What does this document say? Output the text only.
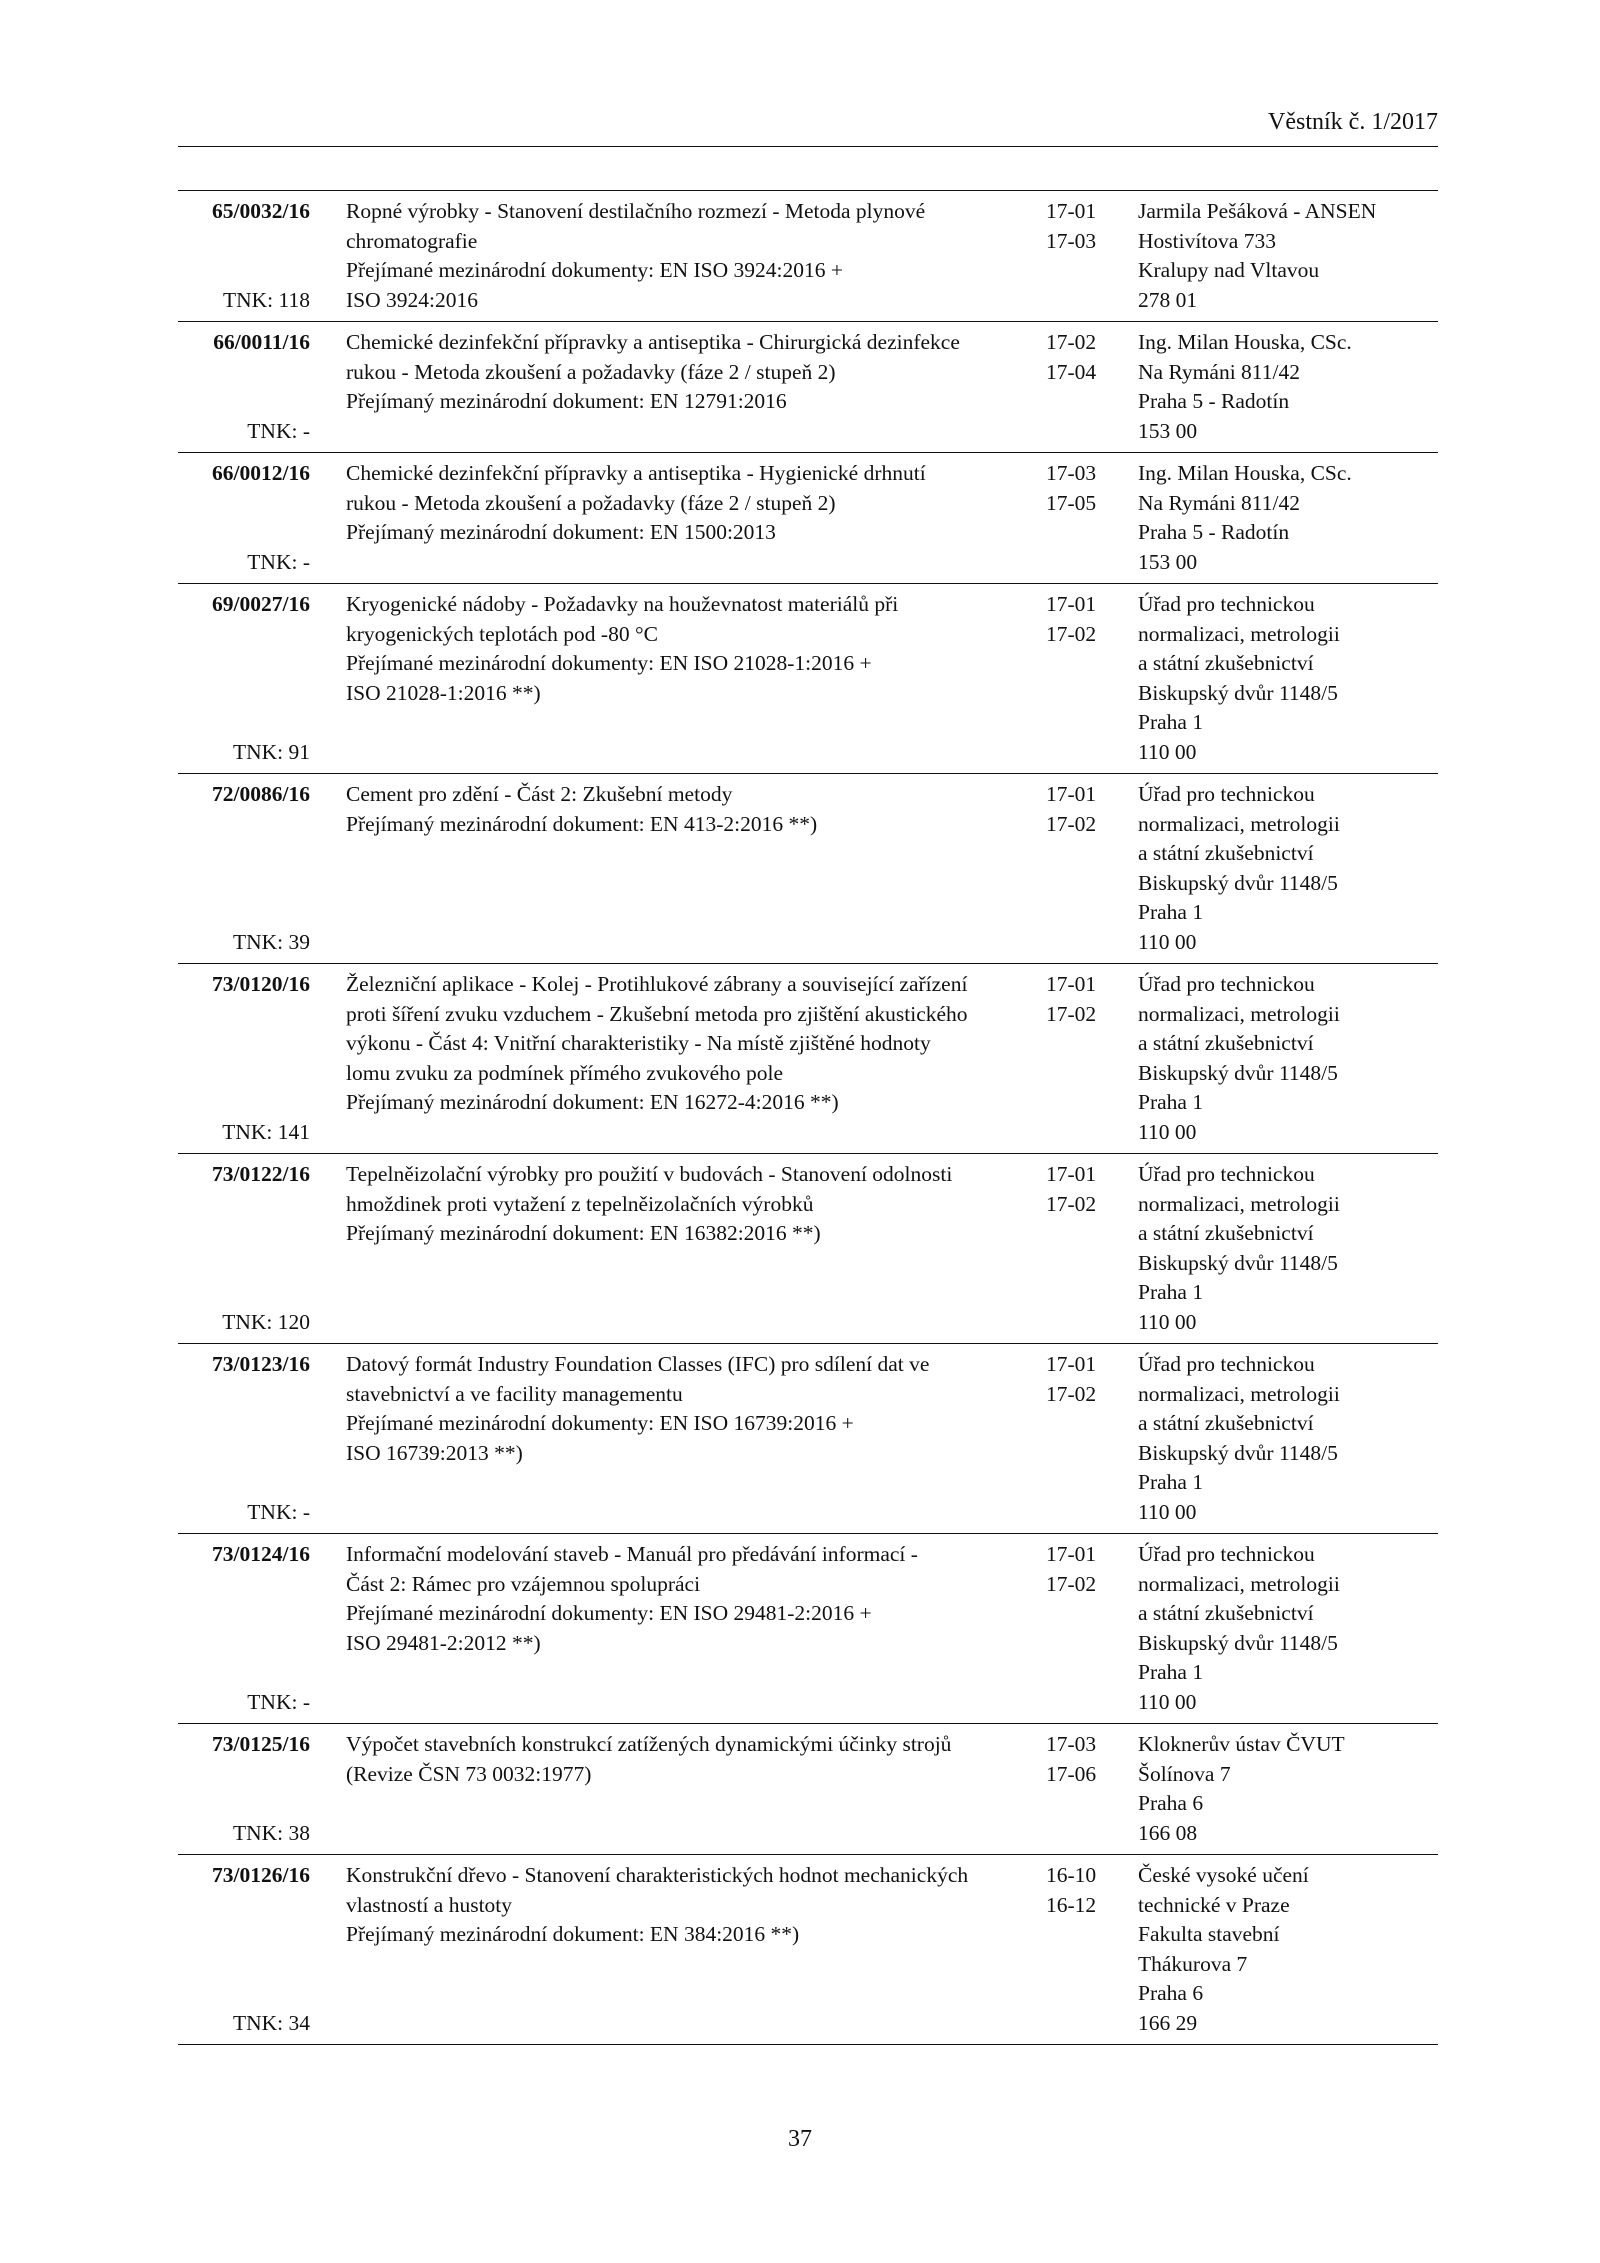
Věstník č. 1/2017
65/0032/16
TNK: 118
Ropné výrobky - Stanovení destilačního rozmezí - Metoda plynové
chromatografie
Přejímané mezinárodní dokumenty: EN ISO 3924:2016 +
ISO 3924:2016
17-01
17-03
Jarmila Pešáková - ANSEN
Hostivítova 733
Kralupy nad Vltavou
278 01
66/0011/16
TNK: -
Chemické dezinfekční přípravky a antiseptika - Chirurgická dezinfekce
rukou - Metoda zkoušení a požadavky (fáze 2 / stupeň 2)
Přejímaný mezinárodní dokument: EN 12791:2016
17-02
17-04
Ing. Milan Houska, CSc.
Na Rymáni 811/42
Praha 5 - Radotín
153 00
66/0012/16
TNK: -
Chemické dezinfekční přípravky a antiseptika - Hygienické drhnutí
rukou - Metoda zkoušení a požadavky (fáze 2 / stupeň 2)
Přejímaný mezinárodní dokument: EN 1500:2013
17-03
17-05
Ing. Milan Houska, CSc.
Na Rymáni 811/42
Praha 5 - Radotín
153 00
69/0027/16
TNK: 91
Kryogenické nádoby - Požadavky na houževnatost materiálů při
kryogenických teplotách pod -80 °C
Přejímané mezinárodní dokumenty: EN ISO 21028-1:2016 +
ISO 21028-1:2016 **)
17-01
17-02
Úřad pro technickou
normalizaci, metrologii
a státní zkušebnictví
Biskupský dvůr 1148/5
Praha 1
110 00
72/0086/16
TNK: 39
Cement pro zdění - Část 2: Zkušební metody
Přejímaný mezinárodní dokument: EN 413-2:2016 **)
17-01
17-02
Úřad pro technickou
normalizaci, metrologii
a státní zkušebnictví
Biskupský dvůr 1148/5
Praha 1
110 00
73/0120/16
TNK: 141
Železniční aplikace - Kolej - Protihlukové zábrany a související zařízení
proti šíření zvuku vzduchem - Zkušební metoda pro zjištění akustického
výkonu - Část 4: Vnitřní charakteristiky - Na místě zjištěné hodnoty
lomu zvuku za podmínek přímého zvukového pole
Přejímaný mezinárodní dokument: EN 16272-4:2016 **)
17-01
17-02
Úřad pro technickou
normalizaci, metrologii
a státní zkušebnictví
Biskupský dvůr 1148/5
Praha 1
110 00
73/0122/16
TNK: 120
Tepelněizolační výrobky pro použití v budovách - Stanovení odolnosti
hmoždinek proti vytažení z tepelněizolačních výrobků
Přejímaný mezinárodní dokument: EN 16382:2016 **)
17-01
17-02
Úřad pro technickou
normalizaci, metrologii
a státní zkušebnictví
Biskupský dvůr 1148/5
Praha 1
110 00
73/0123/16
TNK: -
Datový formát Industry Foundation Classes (IFC) pro sdílení dat ve
stavebnictví a ve facility managementu
Přejímané mezinárodní dokumenty: EN ISO 16739:2016 +
ISO 16739:2013 **)
17-01
17-02
Úřad pro technickou
normalizaci, metrologii
a státní zkušebnictví
Biskupský dvůr 1148/5
Praha 1
110 00
73/0124/16
TNK: -
Informační modelování staveb - Manuál pro předávání informací -
Část 2: Rámec pro vzájemnou spolupráci
Přejímané mezinárodní dokumenty: EN ISO 29481-2:2016 +
ISO 29481-2:2012 **)
17-01
17-02
Úřad pro technickou
normalizaci, metrologii
a státní zkušebnictví
Biskupský dvůr 1148/5
Praha 1
110 00
73/0125/16
TNK: 38
Výpočet stavebních konstrukcí zatížených dynamickými účinky strojů
(Revize ČSN 73 0032:1977)
17-03
17-06
Kloknerův ústav ČVUT
Šolínova 7
Praha 6
166 08
73/0126/16
TNK: 34
Konstrukční dřevo - Stanovení charakteristických hodnot mechanických
vlastností a hustoty
Přejímaný mezinárodní dokument: EN 384:2016 **)
16-10
16-12
České vysoké učení
technické v Praze
Fakulta stavební
Thákurova 7
Praha 6
166 29
37
